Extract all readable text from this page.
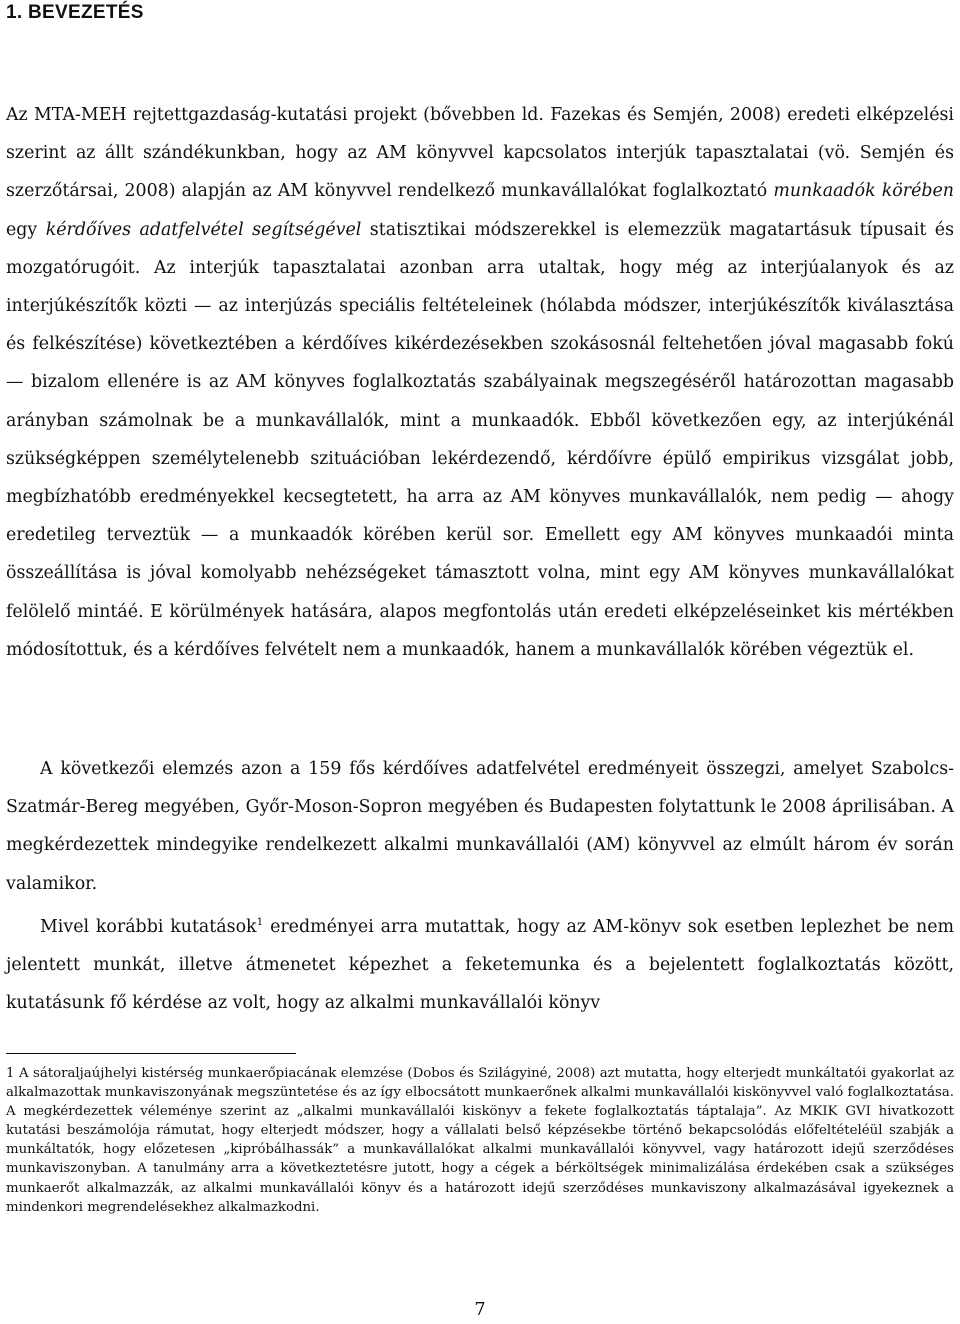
1. BEVEZETÉS

Az MTA-MEH rejtettgazdaság-kutatási projekt (bővebben ld. Fazekas és Semjén, 2008) eredeti elképzelési szerint az állt szándékunkban, hogy az AM könyvvel kapcsolatos interjúk tapasztalatai (vö. Semjén és szerzőtársai, 2008) alapján az AM könyvvel rendelkező munkavállalókat foglalkoztató munkaadók körében egy kérdőíves adatfelvétel segítségével statisztikai módszerekkel is elemezzük magatartásuk típusait és mozgatórugóit. Az interjúk tapasztalatai azonban arra utaltak, hogy még az interjúalanyok és az interjúkészítők közti — az interjúzás speciális feltételeinek (hólabda módszer, interjúkészítők kiválasztása és felkészítése) következtében a kérdőíves kikérdezésekben szokásosnál feltehetően jóval magasabb fokú — bizalom ellenére is az AM könyves foglalkoztatás szabályainak megszegéséről határozottan magasabb arányban számolnak be a munkavállalók, mint a munkaadók. Ebből következően egy, az interjúkénál szükségképpen személytelenebb szituációban lekérdezendő, kérdőívre épülő empirikus vizsgálat jobb, megbízhatóbb eredményekkel kecsegtetett, ha arra az AM könyves munkavállalók, nem pedig — ahogy eredetileg terveztük — a munkaadók körében kerül sor. Emellett egy AM könyves munkaadói minta összeállítása is jóval komolyabb nehézségeket támasztott volna, mint egy AM könyves munkavállalókat felölelő mintáé. E körülmények hatására, alapos megfontolás után eredeti elképzeléseinket kis mértékben módosítottuk, és a kérdőíves felvételt nem a munkaadók, hanem a munkavállalók körében végeztük el.

A következői elemzés azon a 159 fős kérdőíves adatfelvétel eredményeit összegzi, amelyet Szabolcs-Szatmár-Bereg megyében, Győr-Moson-Sopron megyében és Budapesten folytattunk le 2008 áprilisában. A megkérdezettek mindegyike rendelkezett alkalmi munkavállalói (AM) könyvvel az elmúlt három év során valamikor.

Mivel korábbi kutatások$^1$ eredményei arra mutattak, hogy az AM-könyv sok esetben leplezhet be nem jelentett munkát, illetve átmenetet képezhet a feketemunka és a bejelentett foglalkoztatás között, kutatásunk fő kérdése az volt, hogy az alkalmi munkavállalói könyv

1 A sátoraljaújhelyi kistérség munkaerőpiacának elemzése (Dobos és Szilágyiné, 2008) azt mutatta, hogy elterjedt munkáltatói gyakorlat az alkalmazottak munkaviszonyának megszüntetése és az így elbocsátott munkaerőnek alkalmi munkavállalói kiskönyvvel való foglalkoztatása. A megkérdezettek véleménye szerint az „alkalmi munkavállalói kiskönyv a fekete foglalkoztatás táptalaja”. Az MKIK GVI hivatkozott kutatási beszámolója rámutat, hogy elterjedt módszer, hogy a vállalati belső képzésekbe történő bekapcsolódás előfeltételéül szabják a munkáltatók, hogy előzetesen „kipróbálhassák” a munkavállalókat alkalmi munkavállalói könyvvel, vagy határozott idejű szerződéses munkaviszonyban. A tanulmány arra a következtetésre jutott, hogy a cégek a bérköltségek minimalizálása érdekében csak a szükséges munkaerőt alkalmazzák, az alkalmi munkavállalói könyv és a határozott idejű szerződéses munkaviszony alkalmazásával igyekeznek a mindenkori megrendelésekhez alkalmazkodni.

7
